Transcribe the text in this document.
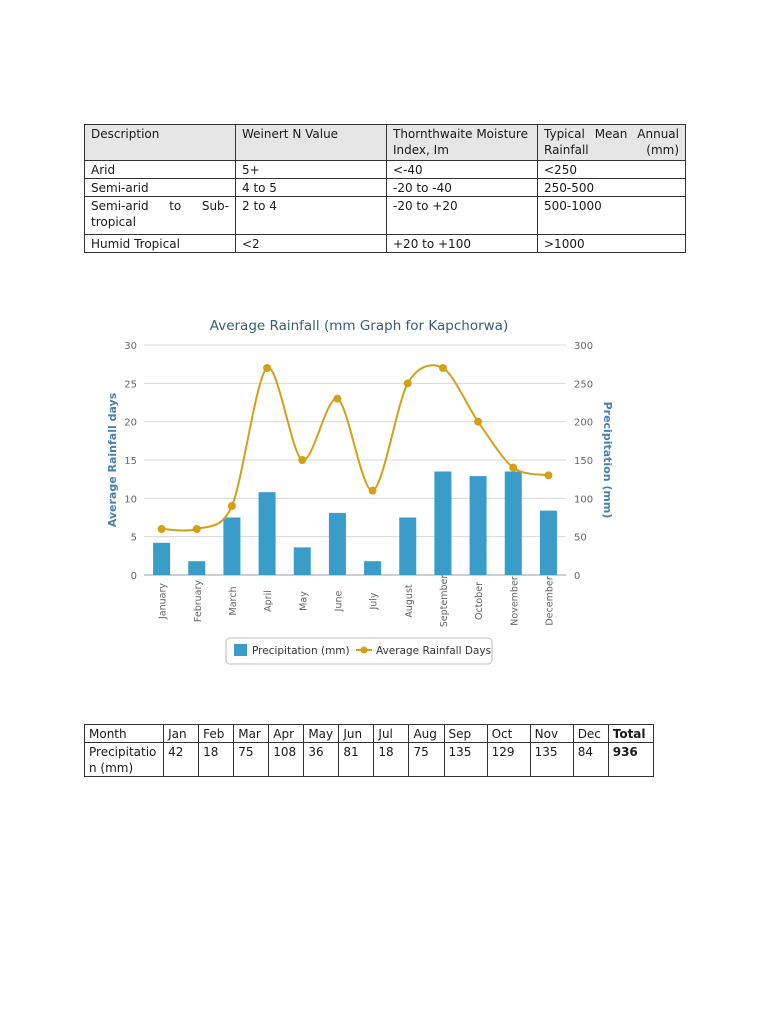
Description	Weinert N Value	Thornthwaite Moisture Index, Im	Typical Mean Annual Rainfall (mm)
Arid	5+	<-40	<250
Semi-arid	4 to 5	-20 to -40	250-500
Semi-arid to Sub-tropical	2 to 4	-20 to +20	500-1000
Humid Tropical	<2	+20 to +100	>1000
Average Rainfall (mm Graph for Kapchorwa)
0	0
5	50
10	100
15	150
20	200
25	250
30	300
Average Rainfall days	Precipitation (mm)
January	February	March	April	May	June	July	August	September	October	November	December
Precipitation (mm)	Average Rainfall Days
Month	Jan	Feb	Mar	Apr	May	Jun	Jul	Aug	Sep	Oct	Nov	Dec	Total
Precipitation (mm)	42	18	75	108	36	81	18	75	135	129	135	84	936
